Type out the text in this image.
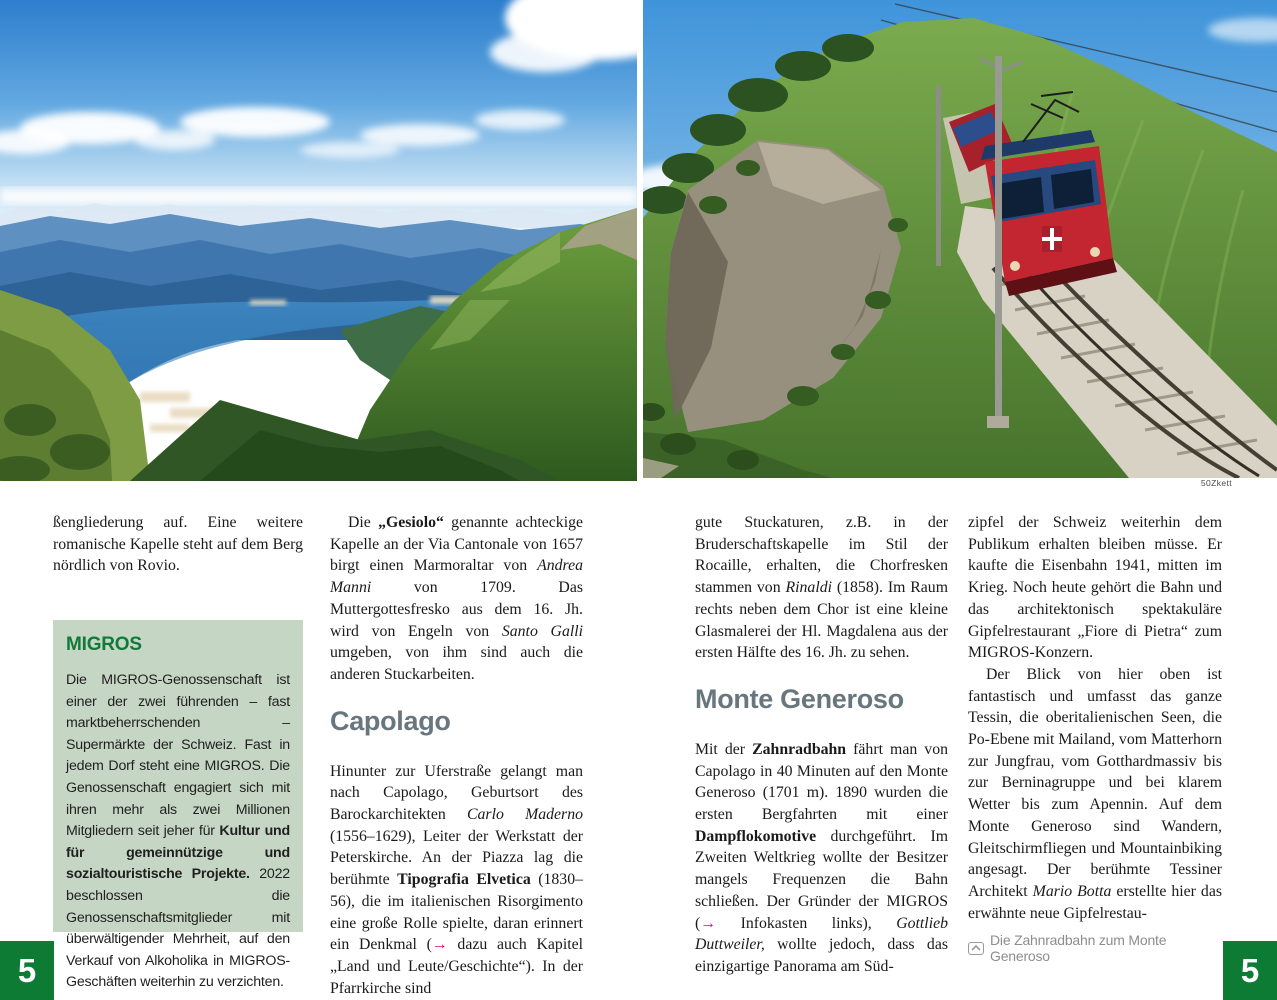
50Zkett

ßengliederung auf. Eine weitere romanische Kapelle steht auf dem Berg nördlich von Rovio.

MIGROS

Die MIGROS-Genossenschaft ist einer der zwei führenden – fast marktbeherrschenden – Supermärkte der Schweiz. Fast in jedem Dorf steht eine MIGROS. Die Genossenschaft engagiert sich mit ihren mehr als zwei Millionen Mitgliedern seit jeher für Kultur und für gemeinnützige und sozialtouristische Projekte. 2022 beschlossen die Genossenschaftsmitglieder mit überwältigender Mehrheit, auf den Verkauf von Alkoholika in MIGROS-Geschäften weiterhin zu verzichten.

Die „Gesiolo“ genannte achteckige Kapelle an der Via Cantonale von 1657 birgt einen Marmoraltar von Andrea Manni von 1709. Das Muttergottesfresko aus dem 16. Jh. wird von Engeln von Santo Galli umgeben, von ihm sind auch die anderen Stuckarbeiten.

Capolago

Hinunter zur Uferstraße gelangt man nach Capolago, Geburtsort des Barockarchitekten Carlo Maderno (1556–1629), Leiter der Werkstatt der Peterskirche. An der Piazza lag die berühmte Tipografia Elvetica (1830–56), die im italienischen Risorgimento eine große Rolle spielte, daran erinnert ein Denkmal (→ dazu auch Kapitel „Land und Leute/Geschichte“). In der Pfarrkirche sind

gute Stuckaturen, z.B. in der Bruderschaftskapelle im Stil der Rocaille, erhalten, die Chorfresken stammen von Rinaldi (1858). Im Raum rechts neben dem Chor ist eine kleine Glasmalerei der Hl. Magdalena aus der ersten Hälfte des 16. Jh. zu sehen.

Monte Generoso

Mit der Zahnradbahn fährt man von Capolago in 40 Minuten auf den Monte Generoso (1701 m). 1890 wurden die ersten Bergfahrten mit einer Dampflokomotive durchgeführt. Im Zweiten Weltkrieg wollte der Besitzer mangels Frequenzen die Bahn schließen. Der Gründer der MIGROS (→ Infokasten links), Gottlieb Duttweiler, wollte jedoch, dass das einzigartige Panorama am Süd-

zipfel der Schweiz weiterhin dem Publikum erhalten bleiben müsse. Er kaufte die Eisenbahn 1941, mitten im Krieg. Noch heute gehört die Bahn und das architektonisch spektakuläre Gipfelrestaurant „Fiore di Pietra“ zum MIGROS-Konzern.

Der Blick von hier oben ist fantastisch und umfasst das ganze Tessin, die oberitalienischen Seen, die Po-Ebene mit Mailand, vom Matterhorn zur Jungfrau, vom Gotthardmassiv bis zur Berninagruppe und bei klarem Wetter bis zum Apennin. Auf dem Monte Generoso sind Wandern, Gleitschirmfliegen und Mountainbiking angesagt. Der berühmte Tessiner Architekt Mario Botta erstellte hier das erwähnte neue Gipfelrestau-

Die Zahnradbahn zum Monte Generoso
5	5
